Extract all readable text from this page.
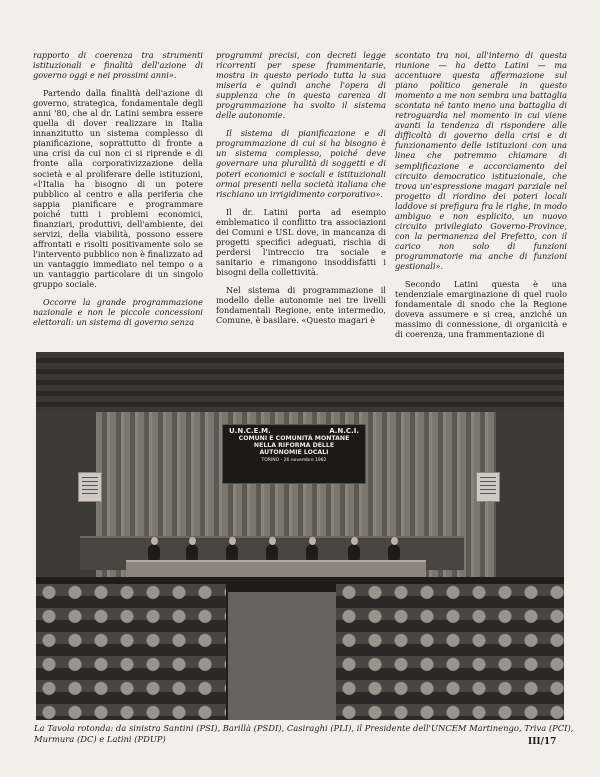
rapporto di coerenza tra strumenti istituzionali e finalità dell'azione di governo oggi e nei prossimi anni».

Partendo dalla finalità dell'azione di governo, strategica, fondamentale degli anni '80, che al dr. Latini sembra essere quella di dover realizzare in Italia innanzitutto un sistema complesso di pianificazione, soprattutto di fronte a una crisi da cui non ci si riprende e di fronte alla corporativizzazione della società e al proliferare delle istituzioni, «l'Italia ha bisogno di un potere pubblico al centro e alla periferia che sappia pianificare e programmare poiché tutti i problemi economici, finanziari, produttivi, dell'ambiente, dei servizi, della viabilità, possono essere affrontati e risolti positivamente solo se l'intervento pubblico non è finalizzato ad un vantaggio immediato nel tempo o a un vantaggio particolare di un singolo gruppo sociale.

Occorre la grande programmazione nazionale e non le piccole concessioni elettorali: un sistema di governo senza

programmi precisi, con decreti legge ricorrenti per spese frammentarie, mostra in questo periodo tutta la sua miseria e quindi anche l'opera di supplenza che in questa carenza di programmazione ha svolto il sistema delle autonomie.

Il sistema di pianificazione e di programmazione di cui si ha bisogno è un sistema complesso, poiché deve governare una pluralità di soggetti e di poteri economici e sociali e istituzionali ormai presenti nella società italiana che rischiano un irrigidimento corporativo».

Il dr. Latini porta ad esempio emblematico il conflitto tra associazioni dei Comuni e USL dove, in mancanza di progetti specifici adeguati, rischia di perdersi l'intreccio tra sociale e sanitario e rimangono insoddisfatti i bisogni della collettività.

Nel sistema di programmazione il modello delle autonomie nei tre livelli fondamentali Regione, ente intermedio, Comune, è basilare. «Questo magari è

scontato tra noi, all'interno di questa riunione — ha detto Latini — ma accentuare questa affermazione sul piano politico generale in questo momento a me non sembra una battaglia scontata né tanto meno una battaglia di retroguardia nel momento in cui viene avanti la tendenza di rispondere alle difficoltà di governo della crisi e di funzionamento delle istituzioni con una linea che potremmo chiamare di semplificazione e accorciamento del circuito democratico istituzionale, che trova un'espressione magari parziale nel progetto di riordino dei poteri locali laddove si prefigura fra le righe, in modo ambiguo e non esplicito, un nuovo circuito privilegiato Governo-Province, con la permanenza del Prefetto, con il carico non solo di funzioni programmatorie ma anche di funzioni gestionali».

Secondo Latini questa è una tendenziale emarginazione di quel ruolo fondamentale di snodo che la Regione doveva assumere e si crea, anziché un massimo di connessione, di organicità e di coerenza, una frammentazione di

U.N.C.E.M.	A.N.C.I.
COMUNI E COMUNITÀ MONTANE
NELLA RIFORMA DELLE
AUTONOMIE LOCALI
TORINO - 26 novembre 1982
La Tavola rotonda: da sinistra Santini (PSI), Barillà (PSDI), Casiraghi (PLI), il Presidente dell'UNCEM Martinengo, Triva (PCI), Murmura (DC) e Latini (PDUP)	III/17
